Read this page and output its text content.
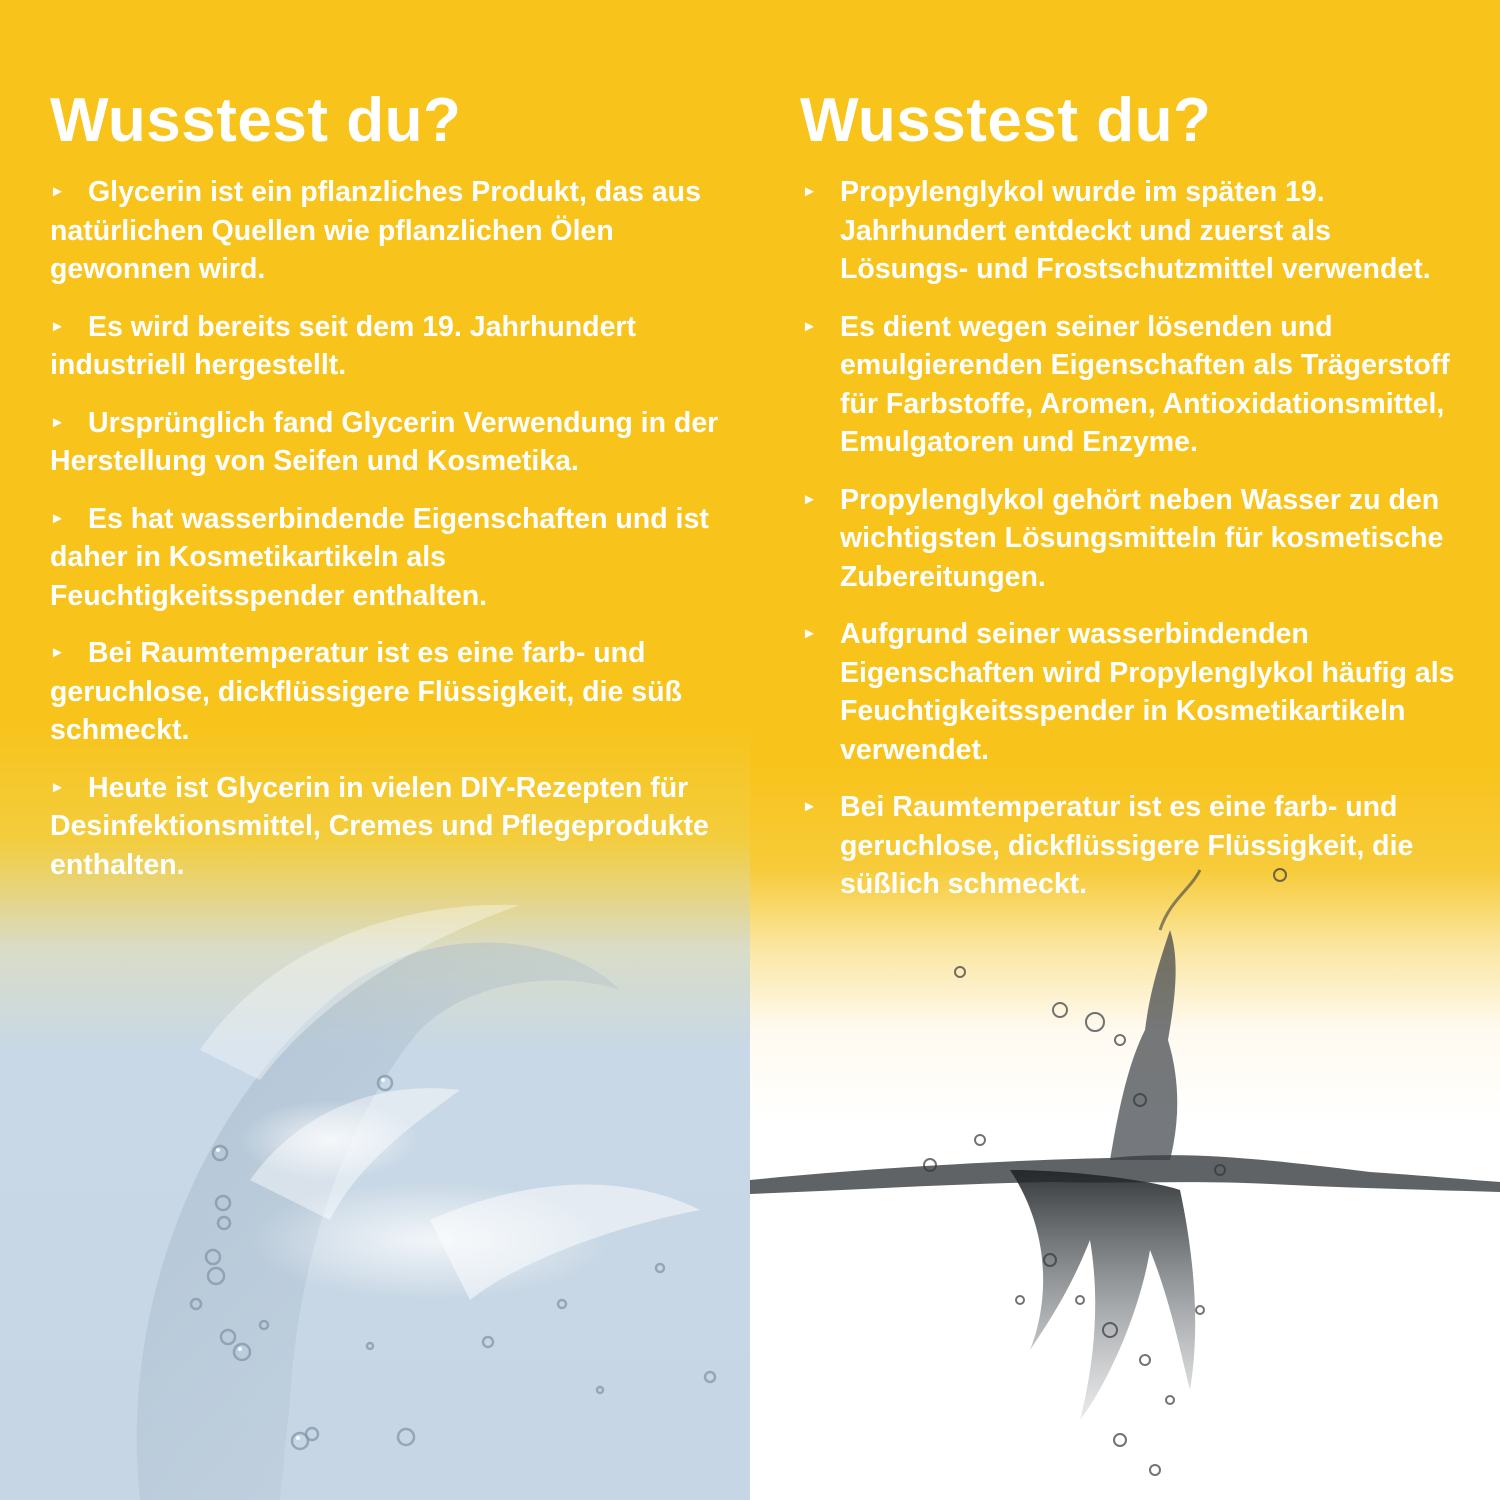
Wusstest du?
► Glycerin ist ein pflanzliches Produkt, das aus natürlichen Quellen wie pflanzlichen Ölen gewonnen wird.
► Es wird bereits seit dem 19. Jahrhundert industriell hergestellt.
► Ursprünglich fand Glycerin Verwendung in der Herstellung von Seifen und Kosmetika.
► Es hat wasserbindende Eigenschaften und ist daher in Kosmetikartikeln als Feuchtigkeitsspender enthalten.
► Bei Raumtemperatur ist es eine farb- und geruchlose, dickflüssigere Flüssigkeit, die süß schmeckt.
► Heute ist Glycerin in vielen DIY-Rezepten für Desinfektionsmittel, Cremes und Pflegeprodukte enthalten.
Wusstest du?
► Propylenglykol wurde im späten 19. Jahrhundert entdeckt und zuerst als Lösungs- und Frostschutzmittel verwendet.
► Es dient wegen seiner lösenden und emulgierenden Eigenschaften als Trägerstoff für Farbstoffe, Aromen, Antioxidationsmittel, Emulgatoren und Enzyme.
► Propylenglykol gehört neben Wasser zu den wichtigsten Lösungsmitteln für kosmetische Zubereitungen.
► Aufgrund seiner wasserbindenden Eigenschaften wird Propylenglykol häufig als Feuchtigkeitsspender in Kosmetikartikeln verwendet.
► Bei Raumtemperatur ist es eine farb- und geruchlose, dickflüssigere Flüssigkeit, die süßlich schmeckt.
